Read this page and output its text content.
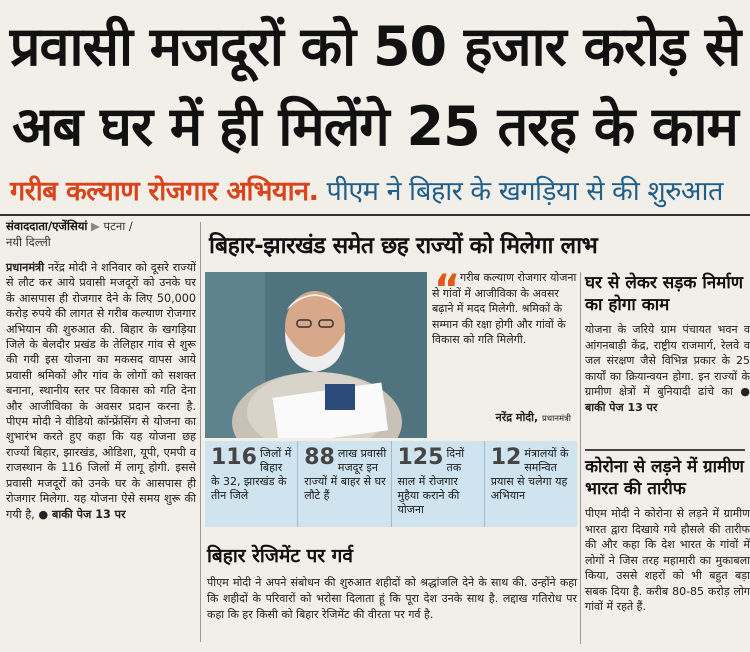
प्रवासी मजदूरों को 50 हजार करोड़ से
अब घर में ही मिलेंगे 25 तरह के काम
गरीब कल्याण रोजगार अभियान. पीएम ने बिहार के खगड़िया से की शुरुआत
संवाददाता/एजेंसियां ▶ पटना /
नयी दिल्ली
प्रधानमंत्री नरेंद्र मोदी ने शनिवार को दूसरे राज्यों से लौट कर आये प्रवासी मजदूरों को उनके घर के आसपास ही रोजगार देने के लिए 50,000 करोड़ रुपये की लागत से गरीब कल्याण रोजगार अभियान की शुरुआत की. बिहार के खगड़िया जिले के बेलदौर प्रखंड के तेलिहार गांव से शुरू की गयी इस योजना का मकसद वापस आये प्रवासी श्रमिकों और गांव के लोगों को सशक्त बनाना, स्थानीय स्तर पर विकास को गति देना और आजीविका के अवसर प्रदान करना है. पीएम मोदी ने वीडियो कॉन्फ्रेंसिंग से योजना का शुभारंभ करते हुए कहा कि यह योजना छह राज्यों बिहार, झारखंड, ओडिशा, यूपी, एमपी व राजस्थान के 116 जिलों में लागू होगी. इससे प्रवासी मजदूरों को उनके घर के आसपास ही रोजगार मिलेगा. यह योजना ऐसे समय शुरू की गयी है, ● बाकी पेज 13 पर
बिहार-झारखंड समेत छह राज्यों को मिलेगा लाभ
“ गरीब कल्याण रोजगार योजना
से गांवों में आजीविका के अवसर बढ़ाने में मदद मिलेगी. श्रमिकों के सम्मान की रक्षा होगी और गांवों के विकास को गति मिलेगी.
नरेंद्र मोदी, प्रधानमंत्री
116 जिलों में बिहार के 32, झारखंड के तीन जिले
88 लाख प्रवासी मजदूर इन राज्यों में बाहर से घर लौटे हैं
125 दिनों तक साल में रोजगार मुहैया कराने की योजना
12 मंत्रालयों के समन्वित प्रयास से चलेगा यह अभियान
बिहार रेजिमेंट पर गर्व
पीएम मोदी ने अपने संबोधन की शुरुआत शहीदों को श्रद्धांजलि देने के साथ की. उन्होंने कहा कि शहीदों के परिवारों को भरोसा दिलाता हूं कि पूरा देश उनके साथ है. लद्दाख गतिरोध पर कहा कि हर किसी को बिहार रेजिमेंट की वीरता पर गर्व है.
घर से लेकर सड़क निर्माण का होगा काम
योजना के जरिये ग्राम पंचायत भवन व आंगनबाड़ी केंद्र, राष्ट्रीय राजमार्ग, रेलवे व जल संरक्षण जैसे विभिन्न प्रकार के 25 कार्यों का क्रियान्वयन होगा. इन राज्यों के ग्रामीण क्षेत्रों में बुनियादी ढांचे का ● बाकी पेज 13 पर
कोरोना से लड़ने में ग्रामीण भारत की तारीफ
पीएम मोदी ने कोरोना से लड़ने में ग्रामीण भारत द्वारा दिखाये गये हौसले की तारीफ की और कहा कि देश भारत के गांवों में लोगों ने जिस तरह महामारी का मुकाबला किया, उससे शहरों को भी बहुत बड़ा सबक दिया है. करीब 80-85 करोड़ लोग गांवों में रहते हैं.
